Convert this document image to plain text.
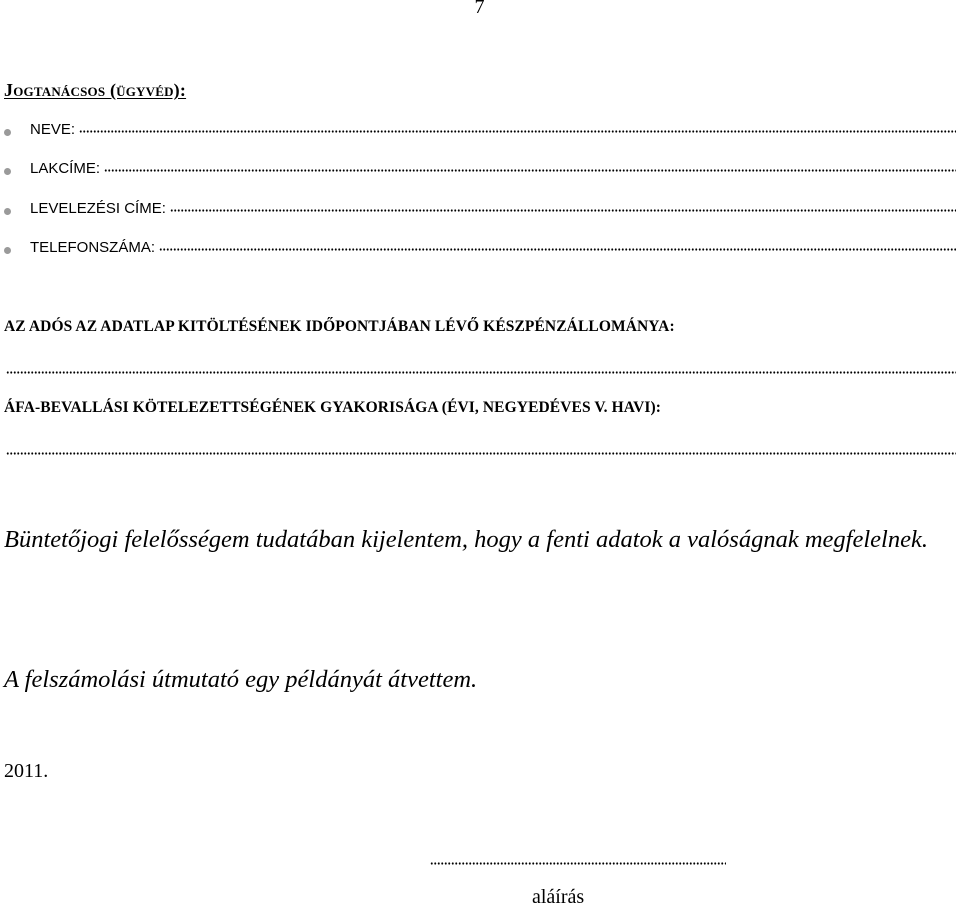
7
Jogtanácsos (ügyvéd):
NEVE:
LAKCÍME:
LEVELEZÉSI CÍME:
TELEFONSZÁMA:
AZ ADÓS AZ ADATLAP KITÖLTÉSÉNEK IDŐPONTJÁBAN LÉVŐ KÉSZPÉNZÁLLOMÁNYA:
ÁFA-BEVALLÁSI KÖTELEZETTSÉGÉNEK GYAKORISÁGA (ÉVI, NEGYEDÉVES V. HAVI):
Büntetőjogi felelősségem tudatában kijelentem, hogy a fenti adatok a valóságnak megfelelnek.
A felszámolási útmutató egy példányát átvettem.
2011.
aláírás
